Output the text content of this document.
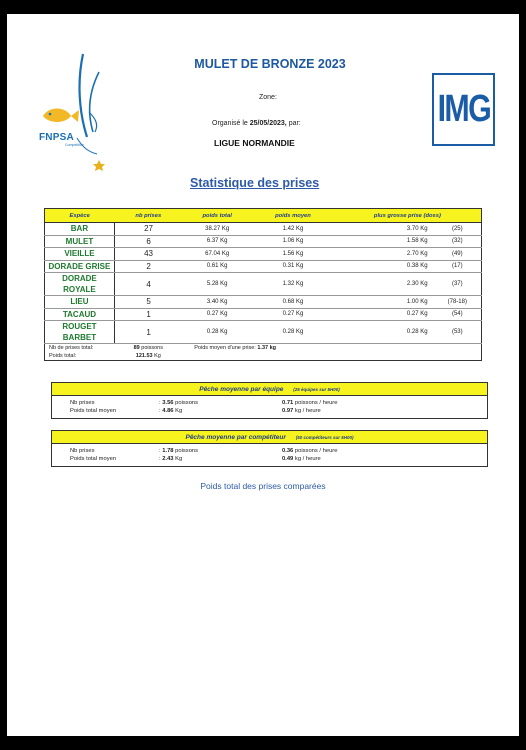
FNPSA
Compétition
IMG
MULET DE BRONZE 2023
Zone:
Organisé le 25/05/2023, par:
LIGUE NORMANDIE
Statistique des prises
Espèce	nb prises	poids total	poids moyen	plus grosse prise (doss)	
BAR	27	38.27 Kg	1.42 Kg	3.70 Kg	(25)
MULET	6	6.37 Kg	1.06 Kg	1.58 Kg	(32)
VIEILLE	43	67.04 Kg	1.56 Kg	2.70 Kg	(49)
DORADE GRISE	2	0.61 Kg	0.31 Kg	0.38 Kg	(17)
DORADE ROYALE	4	5.28 Kg	1.32 Kg	2.30 Kg	(37)
LIEU	5	3.40 Kg	0.68 Kg	1.00 Kg	(78-18)
TACAUD	1	0.27 Kg	0.27 Kg	0.27 Kg	(54)
ROUGET BARBET	1	0.28 Kg	0.28 Kg	0.28 Kg	(53)
Nb de prises total:	89 poissons	Poids moyen d'une prise: 1.37 kg			
Poids total:	121.53 Kg				
Pêche moyenne par équipe (25 équipes sur 5H00)
Nb prises	: 3.56 poissons	0.71 poissons / heure
Poids total moyen	: 4.86 Kg	0.97 kg / heure
Pêche moyenne par compétiteur (50 compétiteurs sur 5H00)
Nb prises	: 1.78 poissons	0.36 poissons / heure
Poids total moyen	: 2.43 Kg	0.49 kg / heure
Poids total des prises comparées
